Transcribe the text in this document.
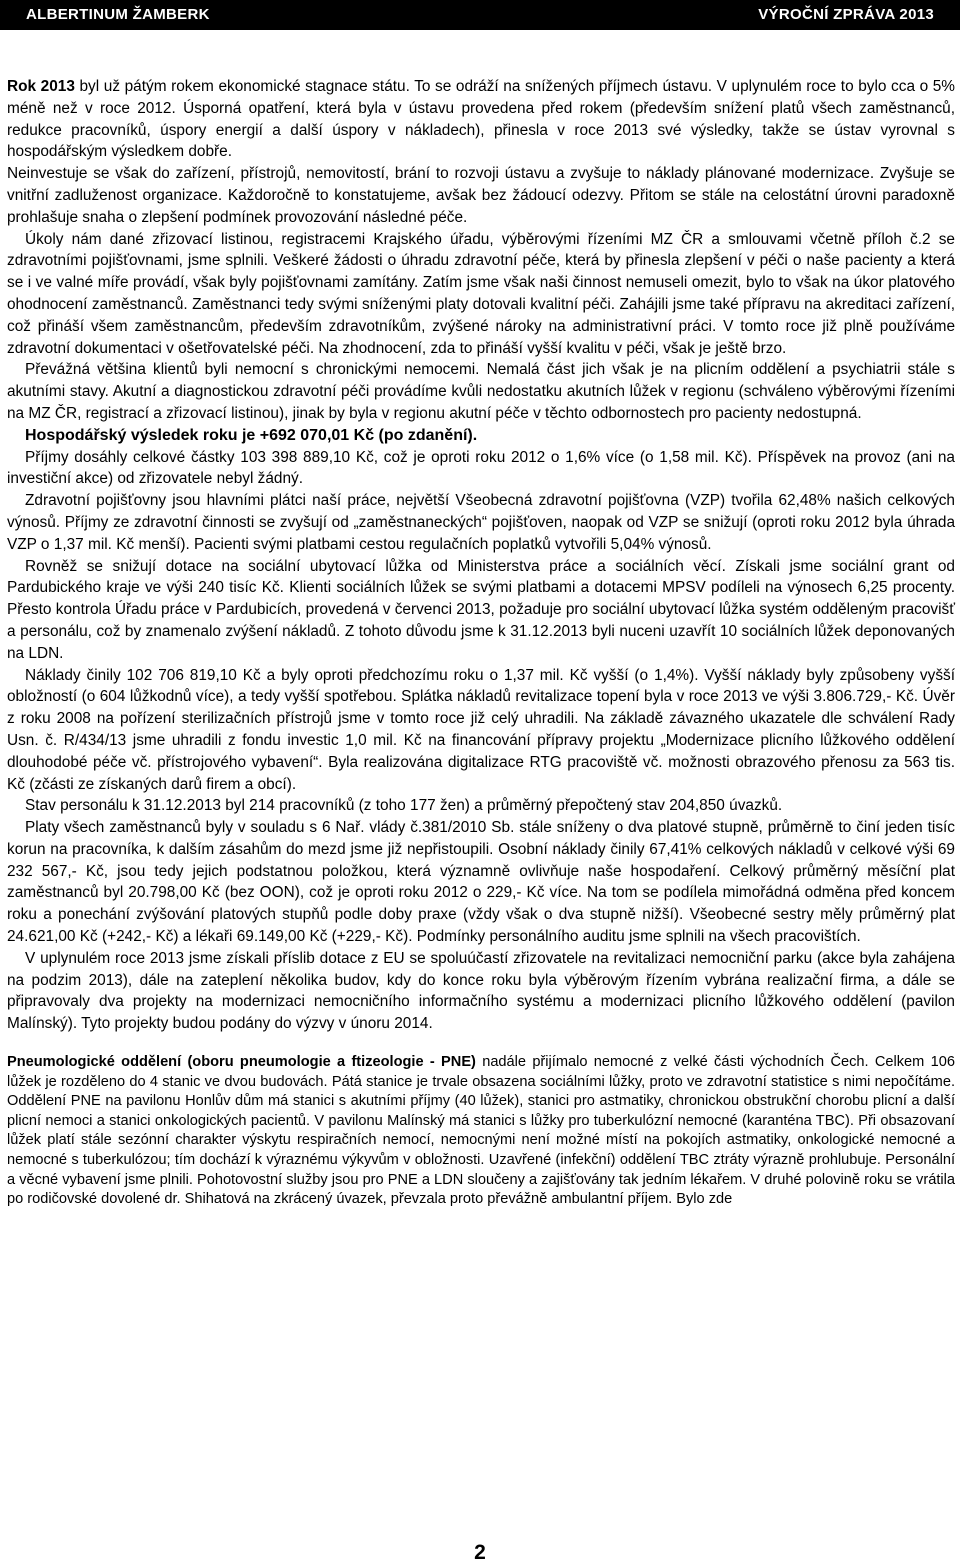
ALBERTINUM ŽAMBERK	VÝROČNÍ ZPRÁVA 2013

Rok 2013 byl už pátým rokem ekonomické stagnace státu. To se odráží na snížených příjmech ústavu. V uplynulém roce to bylo cca o 5% méně než v roce 2012. Úsporná opatření, která byla v ústavu provedena před rokem (především snížení platů všech zaměstnanců, redukce pracovníků, úspory energií a další úspory v nákladech), přinesla v roce 2013 své výsledky, takže se ústav vyrovnal s hospodářským výsledkem dobře.

Neinvestuje se však do zařízení, přístrojů, nemovitostí, brání to rozvoji ústavu a zvyšuje to náklady plánované modernizace. Zvyšuje se vnitřní zadluženost organizace. Každoročně to konstatujeme, avšak bez žádoucí odezvy. Přitom se stále na celostátní úrovni paradoxně prohlašuje snaha o zlepšení podmínek provozování následné péče.

Úkoly nám dané zřizovací listinou, registracemi Krajského úřadu, výběrovými řízeními MZ ČR a smlouvami včetně příloh č.2 se zdravotními pojišťovnami, jsme splnili. Veškeré žádosti o úhradu zdravotní péče, která by přinesla zlepšení v péči o naše pacienty a která se i ve valné míře provádí, však byly pojišťovnami zamítány. Zatím jsme však naši činnost nemuseli omezit, bylo to však na úkor platového ohodnocení zaměstnanců. Zaměstnanci tedy svými sníženými platy dotovali kvalitní péči. Zahájili jsme také přípravu na akreditaci zařízení, což přináší všem zaměstnancům, především zdravotníkům, zvýšené nároky na administrativní práci. V tomto roce již plně používáme zdravotní dokumentaci v ošetřovatelské péči. Na zhodnocení, zda to přináší vyšší kvalitu v péči, však je ještě brzo.

Převážná většina klientů byli nemocní s chronickými nemocemi. Nemalá část jich však je na plicním oddělení a psychiatrii stále s akutními stavy. Akutní a diagnostickou zdravotní péči provádíme kvůli nedostatku akutních lůžek v regionu (schváleno výběrovými řízeními na MZ ČR, registrací a zřizovací listinou), jinak by byla v regionu akutní péče v těchto odbornostech pro pacienty nedostupná.

Hospodářský výsledek roku je +692 070,01 Kč (po zdanění).

Příjmy dosáhly celkové částky 103 398 889,10 Kč, což je oproti roku 2012 o 1,6% více (o 1,58 mil. Kč). Příspěvek na provoz (ani na investiční akce) od zřizovatele nebyl žádný.

Zdravotní pojišťovny jsou hlavními plátci naší práce, největší Všeobecná zdravotní pojišťovna (VZP) tvořila 62,48% našich celkových výnosů. Příjmy ze zdravotní činnosti se zvyšují od „zaměstnaneckých“ pojišťoven, naopak od VZP se snižují (oproti roku 2012 byla úhrada VZP o 1,37 mil. Kč menší). Pacienti svými platbami cestou regulačních poplatků vytvořili 5,04% výnosů.

Rovněž se snižují dotace na sociální ubytovací lůžka od Ministerstva práce a sociálních věcí. Získali jsme sociální grant od Pardubického kraje ve výši 240 tisíc Kč. Klienti sociálních lůžek se svými platbami a dotacemi MPSV podíleli na výnosech 6,25 procenty. Přesto kontrola Úřadu práce v Pardubicích, provedená v červenci 2013, požaduje pro sociální ubytovací lůžka systém odděleným pracovišť a personálu, což by znamenalo zvýšení nákladů. Z tohoto důvodu jsme k 31.12.2013 byli nuceni uzavřít 10 sociálních lůžek deponovaných na LDN.

Náklady činily 102 706 819,10 Kč a byly oproti předchozímu roku o 1,37 mil. Kč vyšší (o 1,4%). Vyšší náklady byly způsobeny vyšší obložností (o 604 lůžkodnů více), a tedy vyšší spotřebou. Splátka nákladů revitalizace topení byla v roce 2013 ve výši 3.806.729,- Kč. Úvěr z roku 2008 na pořízení sterilizačních přístrojů jsme v tomto roce již celý uhradili. Na základě závazného ukazatele dle schválení Rady Usn. č. R/434/13 jsme uhradili z fondu investic 1,0 mil. Kč na financování přípravy projektu „Modernizace plicního lůžkového oddělení dlouhodobé péče vč. přístrojového vybavení“. Byla realizována digitalizace RTG pracoviště vč. možnosti obrazového přenosu za 563 tis. Kč (zčásti ze získaných darů firem a obcí).

Stav personálu k 31.12.2013 byl 214 pracovníků (z toho 177 žen) a průměrný přepočtený stav 204,850 úvazků.

Platy všech zaměstnanců byly v souladu s 6 Nař. vlády č.381/2010 Sb. stále sníženy o dva platové stupně, průměrně to činí jeden tisíc korun na pracovníka, k dalším zásahům do mezd jsme již nepřistoupili. Osobní náklady činily 67,41% celkových nákladů v celkové výši 69 232 567,- Kč, jsou tedy jejich podstatnou položkou, která významně ovlivňuje naše hospodaření. Celkový průměrný měsíční plat zaměstnanců byl 20.798,00 Kč (bez OON), což je oproti roku 2012 o 229,- Kč více. Na tom se podílela mimořádná odměna před koncem roku a ponechání zvýšování platových stupňů podle doby praxe (vždy však o dva stupně nižší). Všeobecné sestry měly průměrný plat 24.621,00 Kč (+242,- Kč) a lékaři 69.149,00 Kč (+229,- Kč). Podmínky personálního auditu jsme splnili na všech pracovištích.

V uplynulém roce 2013 jsme získali příslib dotace z EU se spoluúčastí zřizovatele na revitalizaci nemocniční parku (akce byla zahájena na podzim 2013), dále na zateplení několika budov, kdy do konce roku byla výběrovým řízením vybrána realizační firma, a dále se připravovaly dva projekty na modernizaci nemocničního informačního systému a modernizaci plicního lůžkového oddělení (pavilon Malínský). Tyto projekty budou podány do výzvy v únoru 2014.

Pneumologické oddělení (oboru pneumologie a ftizeologie - PNE) nadále přijímalo nemocné z velké části východních Čech. Celkem 106 lůžek je rozděleno do 4 stanic ve dvou budovách. Pátá stanice je trvale obsazena sociálními lůžky, proto ve zdravotní statistice s nimi nepočítáme. Oddělení PNE na pavilonu Honlův dům má stanici s akutními příjmy (40 lůžek), stanici pro astmatiky, chronickou obstrukční chorobu plicní a další plicní nemoci a stanici onkologických pacientů. V pavilonu Malínský má stanici s lůžky pro tuberkulózní nemocné (karanténa TBC). Při obsazovaní lůžek platí stále sezónní charakter výskytu respiračních nemocí, nemocnými není možné místí na pokojích astmatiky, onkologické nemocné a nemocné s tuberkulózou; tím dochází k výraznému výkyvům v obložnosti. Uzavřené (infekční) oddělení TBC ztráty výrazně prohlubuje. Personální a věcné vybavení jsme plnili. Pohotovostní služby jsou pro PNE a LDN sloučeny a zajišťovány tak jedním lékařem. V druhé polovině roku se vrátila po rodičovské dovolené dr. Shihatová na zkrácený úvazek, převzala proto převážně ambulantní příjem. Bylo zde

2
